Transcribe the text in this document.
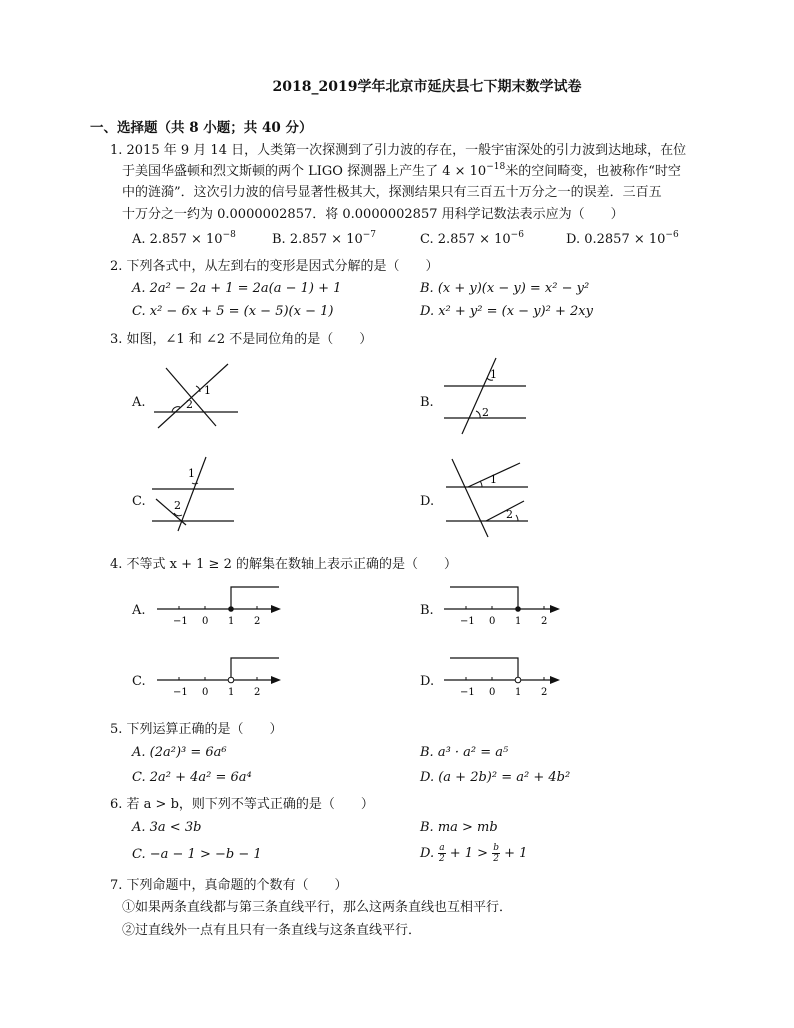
2018_2019学年北京市延庆县七下期末数学试卷
一、选择题（共 8 小题；共 40 分）
1. 2015 年 9 月 14 日，人类第一次探测到了引力波的存在，一般宇宙深处的引力波到达地球，在位
于美国华盛顿和烈文斯顿的两个 LIGO 探测器上产生了 $4 \times 10^{-18}$米的空间畸变，也被称作“时空
中的涟漪”．这次引力波的信号显著性极其大，探测结果只有三百五十万分之一的误差．三百五
十万分之一约为 0.0000002857．将 0.0000002857 用科学记数法表示应为（　　）
A. $2.857 \times 10^{-8}$	B. $2.857 \times 10^{-7}$	C. $2.857 \times 10^{-6}$	D. $0.2857 \times 10^{-6}$
2. 下列各式中，从左到右的变形是因式分解的是（　　）
A. 2a² − 2a + 1 = 2a(a − 1) + 1	B. (x + y)(x − y) = x² − y²
C. x² − 6x + 5 = (x − 5)(x − 1)	D. x² + y² = (x − y)² + 2xy
3. 如图，∠1 和 ∠2 不是同位角的是（　　）
A.
1
2	B.
1
2
C.
1
2	D.
1
2
4. 不等式 x + 1 ≥ 2 的解集在数轴上表示正确的是（　　）
A.
−1 0 1 2
B.
−1 0 1 2
C.
−1 0 1 2
D.
−1 0 1 2
5. 下列运算正确的是（　　）
A. (2a²)³ = 6a⁶	B. a³ · a² = a⁵
C. 2a² + 4a² = 6a⁴	D. (a + 2b)² = a² + 4b²
6. 若 a > b，则下列不等式正确的是（　　）
A. 3a < 3b	B. ma > mb
C. −a − 1 > −b − 1	D. $\frac{a}{2} + 1 > \frac{b}{2} + 1$
7. 下列命题中，真命题的个数有（　　）
①如果两条直线都与第三条直线平行，那么这两条直线也互相平行．
②过直线外一点有且只有一条直线与这条直线平行．
